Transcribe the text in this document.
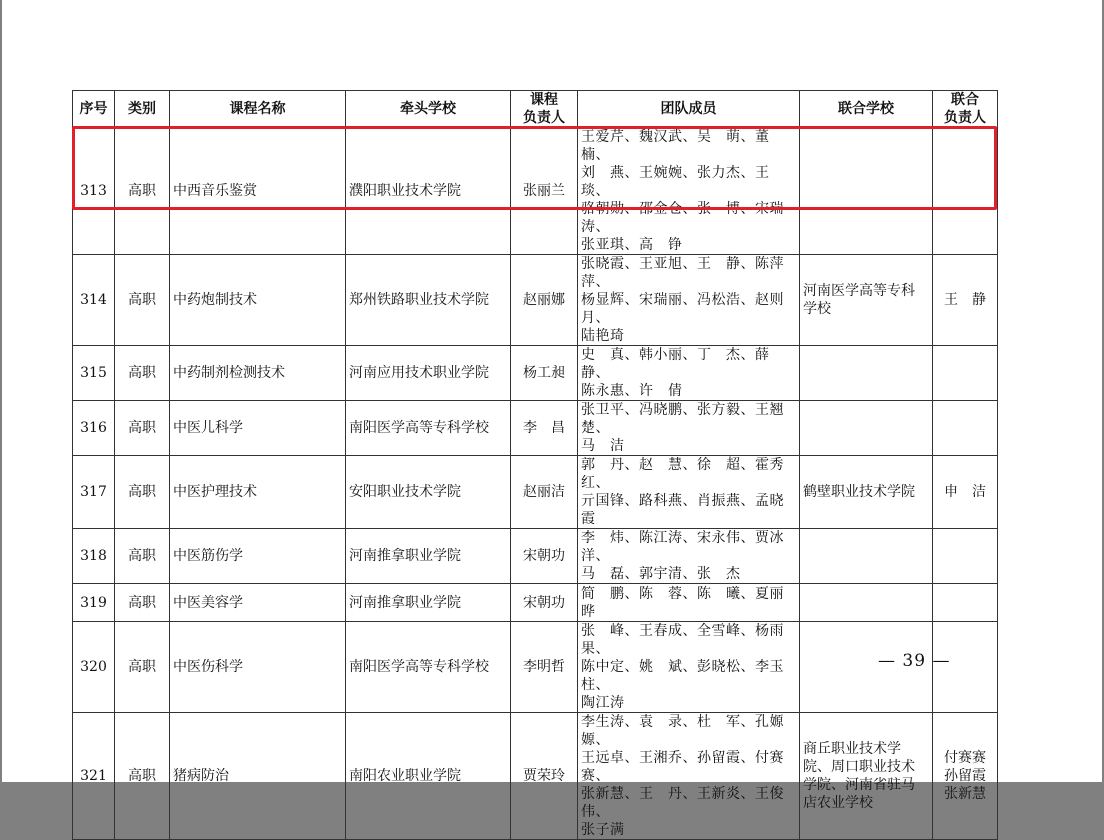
序号	类别	课程名称	牵头学校	课程
负责人	团队成员	联合学校	联合
负责人
313	高职	中西音乐鉴赏	濮阳职业技术学院	张丽兰	王爱芹、魏汉武、吴　萌、董　楠、
刘　燕、王婉婉、张力杰、王　琰、
骆朝勋、邵金仓、张　博、宋瑞涛、
张亚琪、高　铮		
314	高职	中药炮制技术	郑州铁路职业技术学院	赵丽娜	张晓霞、王亚旭、王　静、陈萍萍、
杨显辉、宋瑞丽、冯松浩、赵则月、
陆艳琦	河南医学高等专科
学校	王　静
315	高职	中药制剂检测技术	河南应用技术职业学院	杨工昶	史　真、韩小丽、丁　杰、薛　静、
陈永惠、许　倩		
316	高职	中医儿科学	南阳医学高等专科学校	李　昌	张卫平、冯晓鹏、张方毅、王翘楚、
马　洁		
317	高职	中医护理技术	安阳职业技术学院	赵丽洁	郭　丹、赵　慧、徐　超、霍秀红、
亓国锋、路科燕、肖振燕、孟晓霞	鹤壁职业技术学院	申　洁
318	高职	中医筋伤学	河南推拿职业学院	宋朝功	李　炜、陈江涛、宋永伟、贾冰洋、
马　磊、郭宇清、张　杰		
319	高职	中医美容学	河南推拿职业学院	宋朝功	简　鹏、陈　蓉、陈　曦、夏丽晔		
320	高职	中医伤科学	南阳医学高等专科学校	李明哲	张　峰、王春成、全雪峰、杨雨果、
陈中定、姚　斌、彭晓松、李玉柱、
陶江涛		
321	高职	猪病防治	南阳农业职业学院	贾荣玲	李生涛、袁　录、杜　军、孔嫄嫄、
王远卓、王湘乔、孙留霞、付赛赛、
张新慧、王　丹、王新炎、王俊伟、
张子满	商丘职业技术学
院、周口职业技术
学院、河南省驻马
店农业学校	付赛赛
孙留霞
张新慧
— 39 —
